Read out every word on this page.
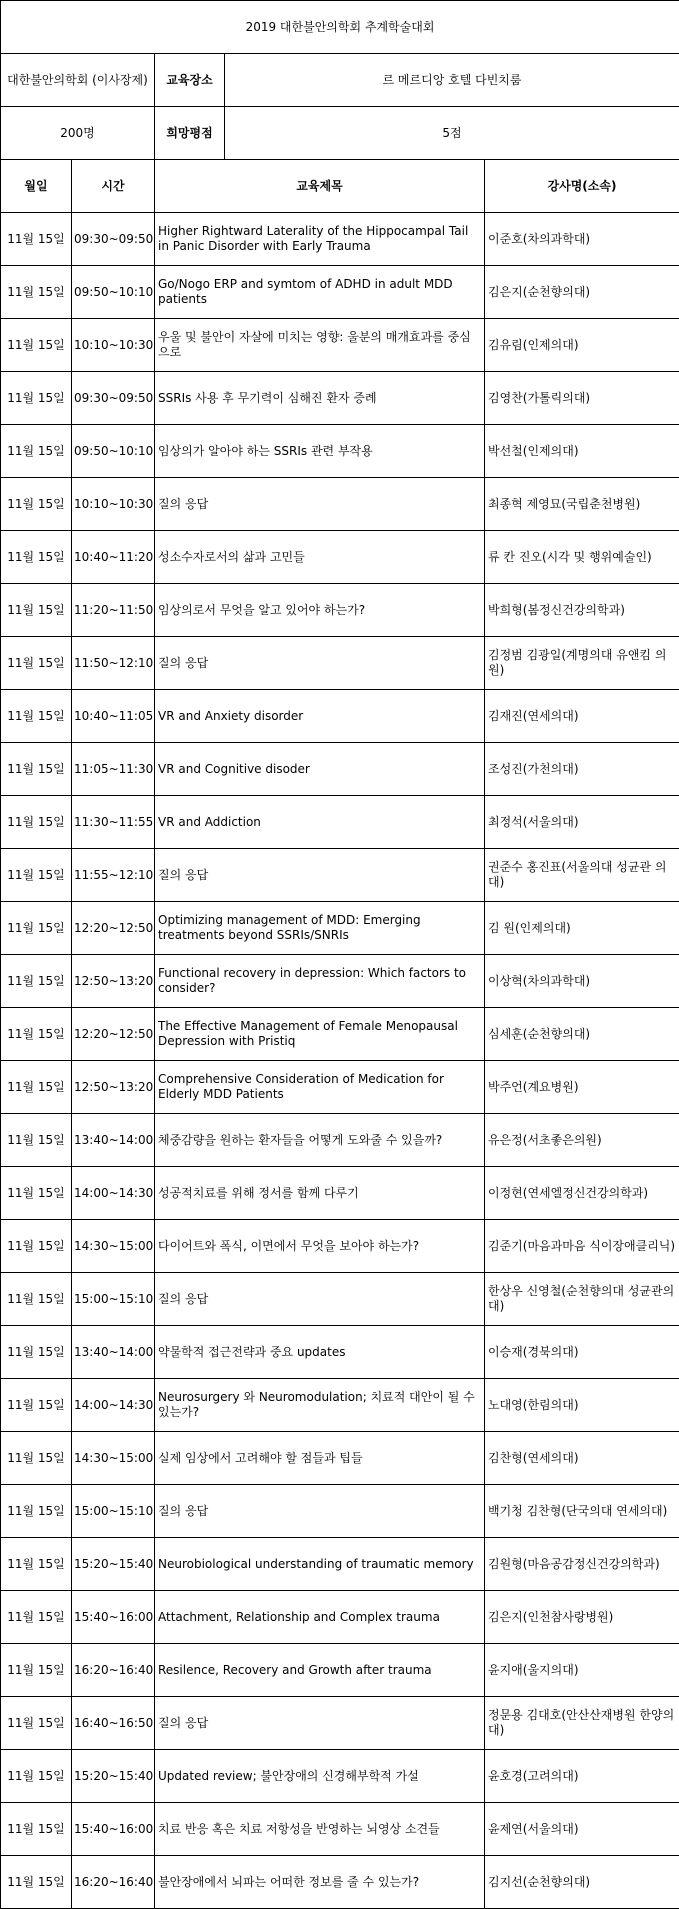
2019 대한불안의학회 추계학술대회				
대한불안의학회 (이사장제)		교육장소	르 메르디앙 호텔 다빈치룸	
200명		희망평점	5점	
월일	시간	교육제목		강사명(소속)
11월 15일	09:30~09:50	Higher Rightward Laterality of the Hippocampal Tail in Panic Disorder with Early Trauma		이준호(차의과학대)
11월 15일	09:50~10:10	Go/Nogo ERP and symtom of ADHD in adult MDD patients		김은지(순천향의대)
11월 15일	10:10~10:30	우울 및 불안이 자살에 미치는 영향: 울분의 매개효과를 중심으로		김유림(인제의대)
11월 15일	09:30~09:50	SSRIs 사용 후 무기력이 심해진 환자 증례		김영찬(가톨릭의대)
11월 15일	09:50~10:10	임상의가 알아야 하는 SSRIs 관련 부작용		박선철(인제의대)
11월 15일	10:10~10:30	질의 응답		최종혁 제영묘(국립춘천병원)
11월 15일	10:40~11:20	성소수자로서의 삶과 고민들		류 칸 진오(시각 및 행위예술인)
11월 15일	11:20~11:50	임상의로서 무엇을 알고 있어야 하는가?		박희형(봄정신건강의학과)
11월 15일	11:50~12:10	질의 응답		김정범 김광일(계명의대 유앤킴 의원)
11월 15일	10:40~11:05	VR and Anxiety disorder		김재진(연세의대)
11월 15일	11:05~11:30	VR and Cognitive disoder		조성진(가천의대)
11월 15일	11:30~11:55	VR and Addiction		최정석(서울의대)
11월 15일	11:55~12:10	질의 응답		권준수 홍진표(서울의대 성균관 의대)
11월 15일	12:20~12:50	Optimizing management of MDD: Emerging treatments beyond SSRIs/SNRIs		김 원(인제의대)
11월 15일	12:50~13:20	Functional recovery in depression: Which factors to consider?		이상혁(차의과학대)
11월 15일	12:20~12:50	The Effective Management of Female Menopausal Depression with Pristiq		심세훈(순천향의대)
11월 15일	12:50~13:20	Comprehensive Consideration of Medication for Elderly MDD Patients		박주언(계요병원)
11월 15일	13:40~14:00	체중감량을 원하는 환자들을 어떻게 도와줄 수 있을까?		유은정(서초좋은의원)
11월 15일	14:00~14:30	성공적치료를 위해 정서를 함께 다루기		이정현(연세엘정신건강의학과)
11월 15일	14:30~15:00	다이어트와 폭식, 이면에서 무엇을 보아야 하는가?		김준기(마음과마음 식이장애클리닉)
11월 15일	15:00~15:10	질의 응답		한상우 신영철(순천향의대 성균관의대)
11월 15일	13:40~14:00	약물학적 접근전략과 중요 updates		이승재(경북의대)
11월 15일	14:00~14:30	Neurosurgery 와 Neuromodulation; 치료적 대안이 될 수 있는가?		노대영(한림의대)
11월 15일	14:30~15:00	실제 임상에서 고려해야 할 점들과 팁들		김찬형(연세의대)
11월 15일	15:00~15:10	질의 응답		백기청 김찬형(단국의대 연세의대)
11월 15일	15:20~15:40	Neurobiological understanding of traumatic memory		김원형(마음공감정신건강의학과)
11월 15일	15:40~16:00	Attachment, Relationship and Complex trauma		김은지(인천참사랑병원)
11월 15일	16:20~16:40	Resilence, Recovery and Growth after trauma		윤지애(울지의대)
11월 15일	16:40~16:50	질의 응답		정문용 김대호(안산산재병원 한양의대)
11월 15일	15:20~15:40	Updated review; 불안장애의 신경해부학적 가설		윤호경(고려의대)
11월 15일	15:40~16:00	치료 반응 혹은 치료 저항성을 반영하는 뇌영상 소견들		윤제연(서울의대)
11월 15일	16:20~16:40	불안장애에서 뇌파는 어떠한 정보를 줄 수 있는가?		김지선(순천향의대)
